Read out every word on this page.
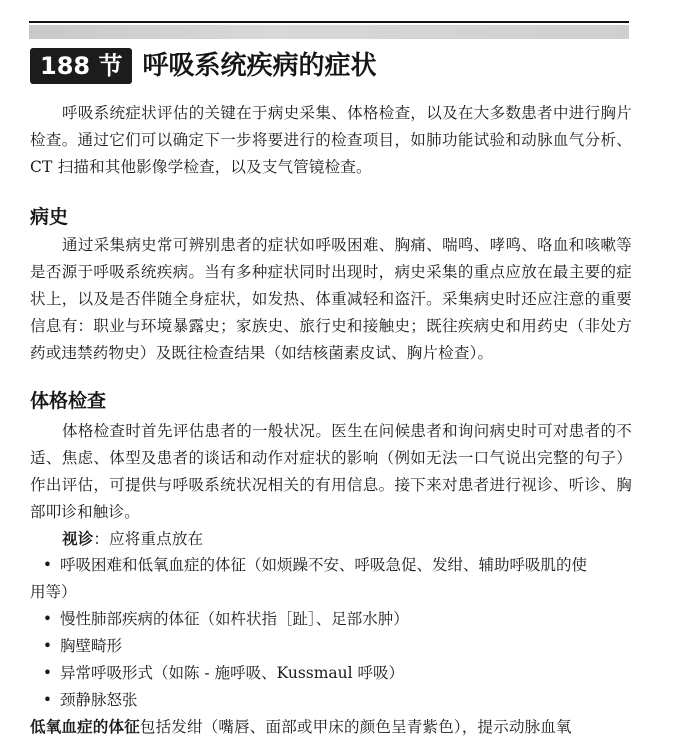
188 节 呼吸系统疾病的症状
呼吸系统症状评估的关键在于病史采集、体格检查，以及在大多数患者中进行胸片检查。通过它们可以确定下一步将要进行的检查项目，如肺功能试验和动脉血气分析、CT 扫描和其他影像学检查，以及支气管镜检查。
病史
通过采集病史常可辨别患者的症状如呼吸困难、胸痛、喘鸣、哮鸣、咯血和咳嗽等是否源于呼吸系统疾病。当有多种症状同时出现时，病史采集的重点应放在最主要的症状上，以及是否伴随全身症状，如发热、体重减轻和盗汗。采集病史时还应注意的重要信息有：职业与环境暴露史；家族史、旅行史和接触史；既往疾病史和用药史（非处方药或违禁药物史）及既往检查结果（如结核菌素皮试、胸片检查）。
体格检查
体格检查时首先评估患者的一般状况。医生在问候患者和询问病史时可对患者的不适、焦虑、体型及患者的谈话和动作对症状的影响（例如无法一口气说出完整的句子）作出评估，可提供与呼吸系统状况相关的有用信息。接下来对患者进行视诊、听诊、胸部叩诊和触诊。
视诊：应将重点放在
• 呼吸困难和低氧血症的体征（如烦躁不安、呼吸急促、发绀、辅助呼吸肌的使
用等）
• 慢性肺部疾病的体征（如杵状指［趾］、足部水肿）
• 胸壁畸形
• 异常呼吸形式（如陈 - 施呼吸、Kussmaul 呼吸）
• 颈静脉怒张
低氧血症的体征包括发绀（嘴唇、面部或甲床的颜色呈青紫色），提示动脉血氧
